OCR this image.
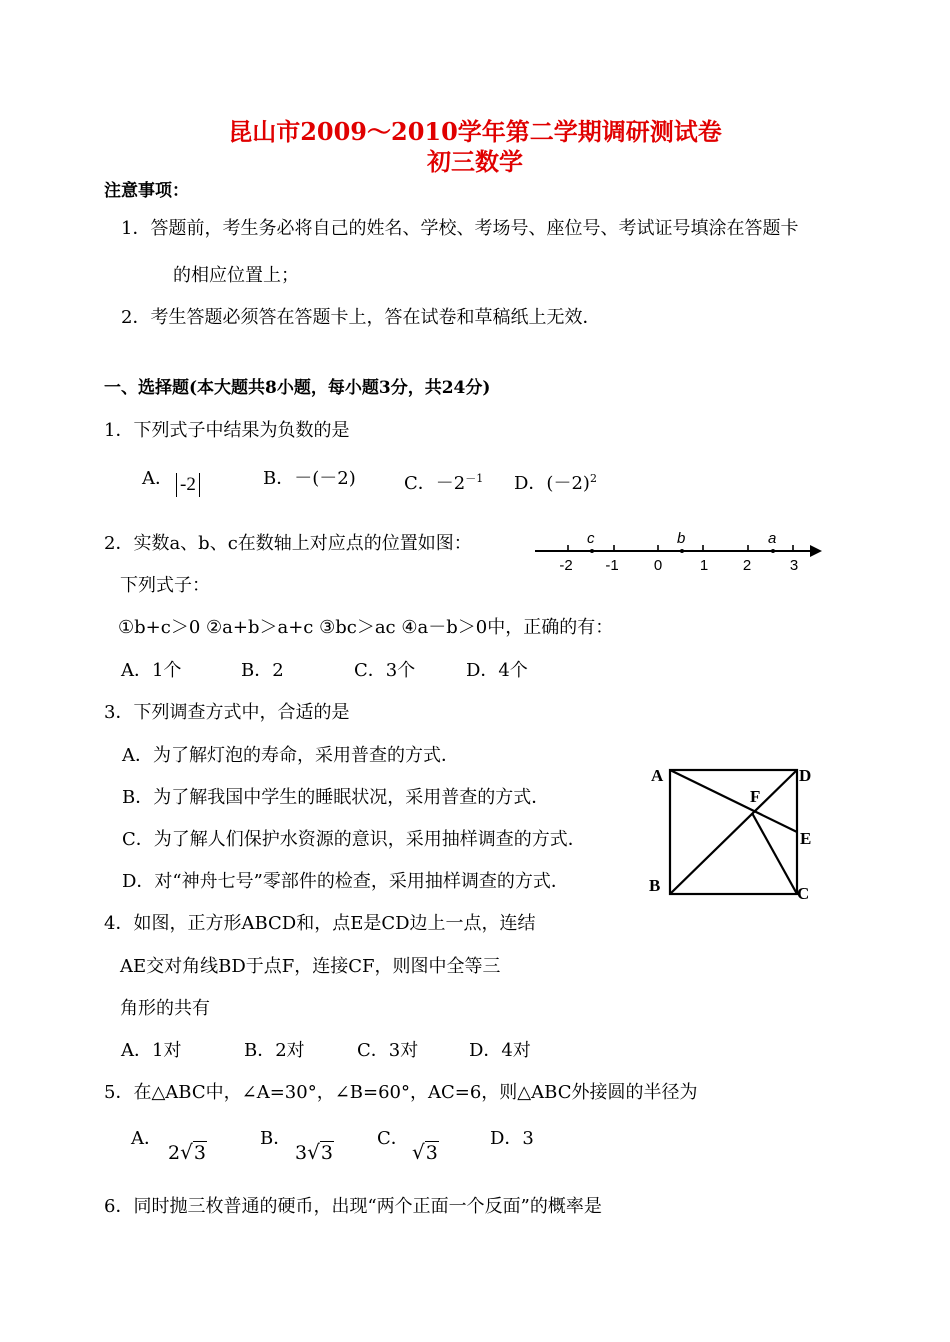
昆山市2009～2010学年第二学期调研测试卷
初三数学
注意事项：
1．答题前，考生务必将自己的姓名、学校、考场号、座位号、考试证号填涂在答题卡
的相应位置上；
2．考生答题必须答在答题卡上，答在试卷和草稿纸上无效．
一、选择题(本大题共8小题，每小题3分，共24分)
1．下列式子中结果为负数的是
A． -2	B．－(－2)	C．$-2^{-1}$ D．$(-2)^2$
2．实数a、b、c在数轴上对应点的位置如图：	c	b	a
-2 -1 0	1 2	3
下列式子：
①b+c＞0 ②a+b＞a+c ③bc＞ac ④a－b＞0中，正确的有：
A．1个	B．2	C．3个	D．4个
3．下列调查方式中，合适的是
A．为了解灯泡的寿命，采用普查的方式．
B．为了解我国中学生的睡眠状况，采用普查的方式．
C．为了解人们保护水资源的意识，采用抽样调查的方式．
D．对“神舟七号”零部件的检查，采用抽样调查的方式．
A
B	C
D
E
F
4．如图，正方形ABCD和，点E是CD边上一点，连结
AE交对角线BD于点F，连接CF，则图中全等三
角形的共有
A．1对	B．2对	C．3对	D．4对
5．在△ABC中，∠A=30°，∠B=60°，AC=6，则△ABC外接圆的半径为
A．
2√3
B．
3√3
C．
√3
D．3
6．同时抛三枚普通的硬币，出现“两个正面一个反面”的概率是
